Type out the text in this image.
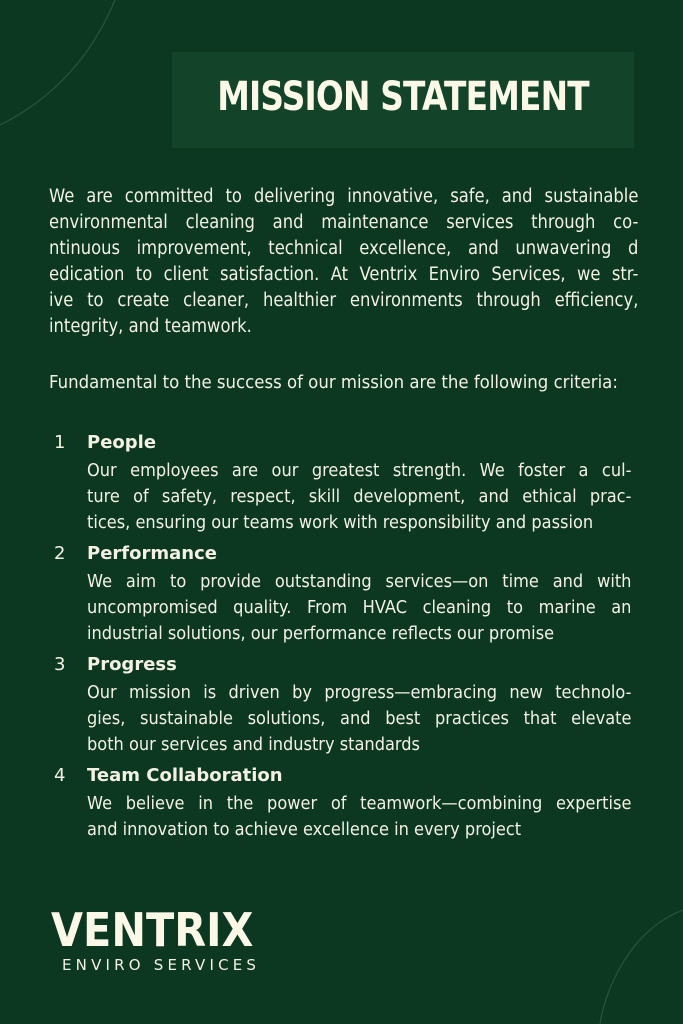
MISSION STATEMENT
We are committed to delivering innovative, safe, and sustainable
environmental cleaning and maintenance services through co-
ntinuous improvement, technical excellence, and unwavering d
edication to client satisfaction. At Ventrix Enviro Services, we str-
ive to create cleaner, healthier environments through efficiency,
integrity, and teamwork.
Fundamental to the success of our mission are the following criteria:
1 People
Our employees are our greatest strength. We foster a cul-
ture of safety, respect, skill development, and ethical prac-
tices, ensuring our teams work with responsibility and passion
2 Performance
We aim to provide outstanding services—on time and with
uncompromised quality. From HVAC cleaning to marine an
industrial solutions, our performance reflects our promise
3 Progress
Our mission is driven by progress—embracing new technolo-
gies, sustainable solutions, and best practices that elevate
both our services and industry standards
4 Team Collaboration
We believe in the power of teamwork—combining expertise
and innovation to achieve excellence in every project
VENTRIX
ENVIRO SERVICES
